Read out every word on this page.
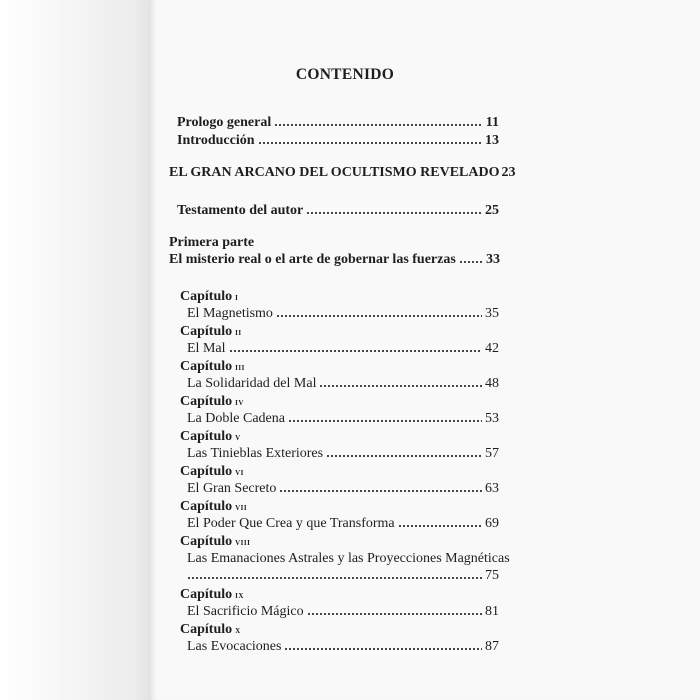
CONTENIDO
Prologo general	11
Introducción	13
EL GRAN ARCANO DEL OCULTISMO REVELADO 23
Testamento del autor	25
Primera parte
El misterio real o el arte de gobernar las fuerzas 33
Capítulo i
El Magnetismo	35
Capítulo ii
El Mal	42
Capítulo iii
La Solidaridad del Mal	48
Capítulo iv
La Doble Cadena	53
Capítulo v
Las Tinieblas Exteriores	57
Capítulo vi
El Gran Secreto	63
Capítulo vii
El Poder Que Crea y que Transforma	69
Capítulo viii
Las Emanaciones Astrales y las Proyecciones Magnéticas
75
Capítulo ix
El Sacrificio Mágico	81
Capítulo x
Las Evocaciones	87
